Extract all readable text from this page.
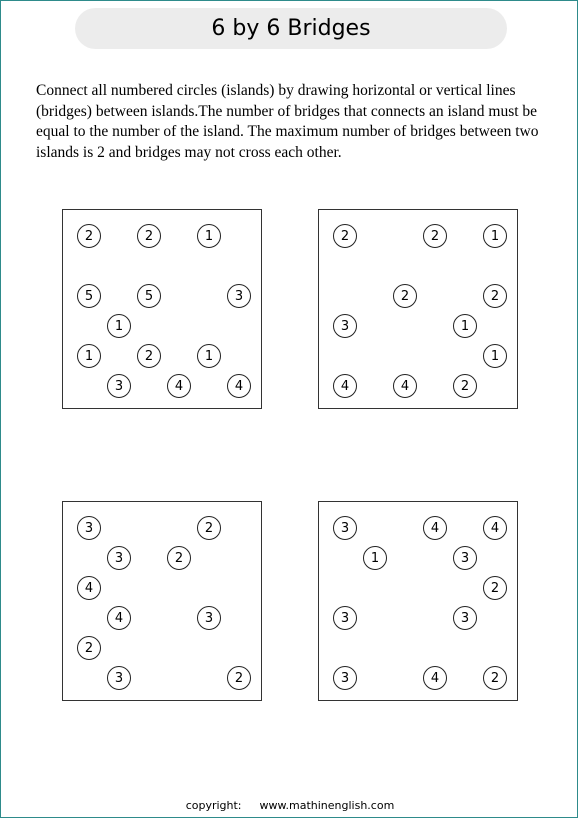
6 by 6 Bridges
Connect all numbered circles (islands) by drawing horizontal or vertical lines (bridges) between islands.The number of bridges that connects an island must be equal to the number of the island. The maximum number of bridges between two islands is 2 and bridges may not cross each other.
2	2	1
5	5	3
1
1	2	1
3	4	4
2	2	1
2	2
3	1
1
4	4	2
3	2
3	2
4
4	3
2
3	2
3	4	4
1	3
2
3	3
3	4	2
copyright: www.mathinenglish.com
